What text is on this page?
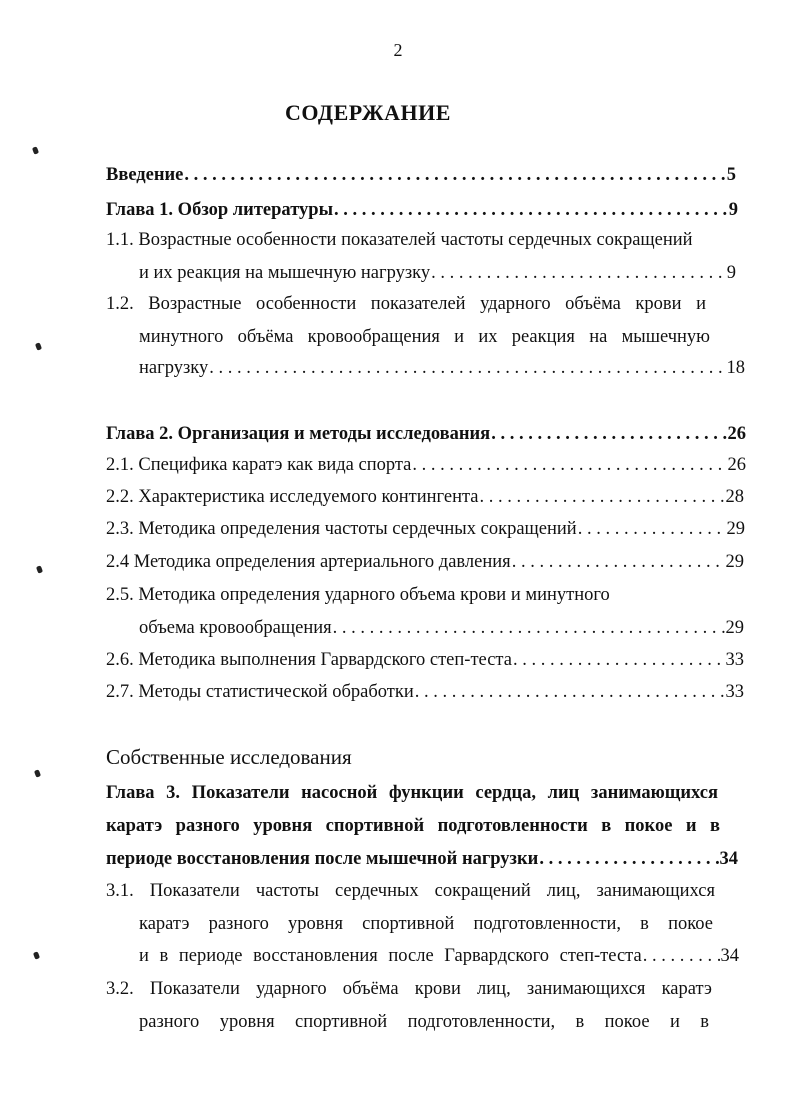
2
СОДЕРЖАНИЕ
Введение . . .	5
Глава 1. Обзор литературы . . .	9
1.1. Возрастные особенности показателей частоты сердечных сокращений
и их реакция на мышечную нагрузку . . .	9
1.2. Возрастные особенности показателей ударного объёма крови и
минутного объёма кровообращения и их реакция на мышечную
нагрузку . . .	18
Глава 2. Организация и методы исследования . . .	26
2.1. Специфика каратэ как вида спорта . . .	26
2.2. Характеристика исследуемого контингента . . .	28
2.3. Методика определения частоты сердечных сокращений . . .	29
2.4 Методика определения артериального давления . . .	29
2.5. Методика определения ударного объема крови и минутного
объема кровообращения . . .	29
2.6. Методика выполнения Гарвардского степ-теста . . .	33
2.7. Методы статистической обработки . . .	33
Собственные исследования
Глава 3. Показатели насосной функции сердца, лиц занимающихся
каратэ разного уровня спортивной подготовленности в покое и в
периоде восстановления после мышечной нагрузки . . .	34
3.1. Показатели частоты сердечных сокращений лиц, занимающихся
каратэ разного уровня спортивной подготовленности, в покое
и в периоде восстановления после Гарвардского степ-теста . . .	34
3.2. Показатели ударного объёма крови лиц, занимающихся каратэ
разного уровня спортивной подготовленности, в покое и в
